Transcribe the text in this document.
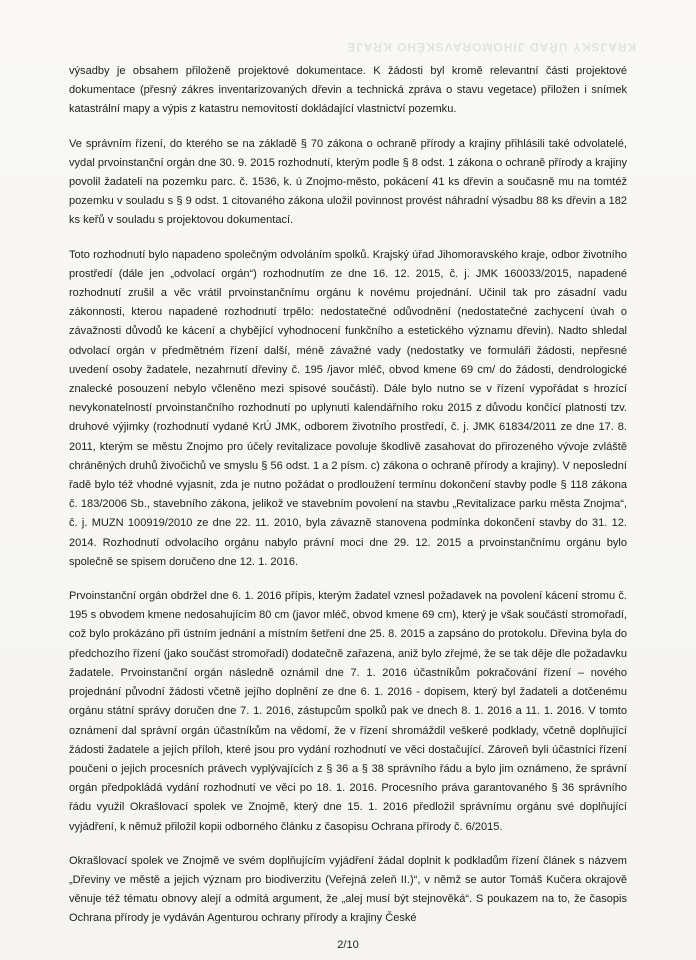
KRAJSKÝ ÚŘAD JIHOMORAVSKÉHO KRAJE

výsadby je obsahem přiloženě projektové dokumentace. K žádosti byl kromě relevantní části projektové dokumentace (přesný zákres inventarizovaných dřevin a technická zpráva o stavu vegetace) přiložen i snímek katastrální mapy a výpis z katastru nemovitostí dokládající vlastnictví pozemku.

Ve správním řízení, do kterého se na základě § 70 zákona o ochraně přírody a krajiny přihlásili také odvolatelé, vydal prvoinstanční orgán dne 30. 9. 2015 rozhodnutí, kterým podle § 8 odst. 1 zákona o ochraně přírody a krajiny povolil žadateli na pozemku parc. č. 1536, k. ú Znojmo-město, pokácení 41 ks dřevin a současně mu na tomtéž pozemku v souladu s § 9 odst. 1 citovaného zákona uložil povinnost provést náhradní výsadbu 88 ks dřevin a 182 ks keřů v souladu s projektovou dokumentací.

Toto rozhodnutí bylo napadeno společným odvoláním spolků. Krajský úřad Jihomoravského kraje, odbor životního prostředí (dále jen „odvolací orgán“) rozhodnutím ze dne 16. 12. 2015, č. j. JMK 160033/2015, napadené rozhodnutí zrušil a věc vrátil prvoinstančnímu orgánu k novému projednání. Učinil tak pro zásadní vadu zákonnosti, kterou napadené rozhodnutí trpělo: nedostatečné odůvodnění (nedostatečné zachycení úvah o závažnosti důvodů ke kácení a chybějící vyhodnocení funkčního a estetického významu dřevin). Nadto shledal odvolací orgán v předmětném řízení další, méně závažné vady (nedostatky ve formuláři žádosti, nepřesné uvedení osoby žadatele, nezahrnutí dřeviny č. 195 /javor mléč, obvod kmene 69 cm/ do žádosti, dendrologické znalecké posouzení nebylo včleněno mezi spisové součásti). Dále bylo nutno se v řízení vypořádat s hrozící nevykonatelností prvoinstančního rozhodnutí po uplynutí kalendářního roku 2015 z důvodu končící platnosti tzv. druhové výjimky (rozhodnutí vydané KrÚ JMK, odborem životního prostředí, č. j. JMK 61834/2011 ze dne 17. 8. 2011, kterým se městu Znojmo pro účely revitalizace povoluje škodlivě zasahovat do přirozeného vývoje zvláště chráněných druhů živočichů ve smyslu § 56 odst. 1 a 2 písm. c) zákona o ochraně přírody a krajiny). V neposlední řadě bylo též vhodné vyjasnit, zda je nutno požádat o prodloužení termínu dokončení stavby podle § 118 zákona č. 183/2006 Sb., stavebního zákona, jelikož ve stavebním povolení na stavbu „Revitalizace parku města Znojma“, č. j. MUZN 100919/2010 ze dne 22. 11. 2010, byla závazně stanovena podmínka dokončení stavby do 31. 12. 2014. Rozhodnutí odvolacího orgánu nabylo právní moci dne 29. 12. 2015 a prvoinstančnímu orgánu bylo společně se spisem doručeno dne 12. 1. 2016.

Prvoinstanční orgán obdržel dne 6. 1. 2016 přípis, kterým žadatel vznesl požadavek na povolení kácení stromu č. 195 s obvodem kmene nedosahujícím 80 cm (javor mléč, obvod kmene 69 cm), který je však součástí stromořadí, což bylo prokázáno při ústním jednání a místním šetření dne 25. 8. 2015 a zapsáno do protokolu. Dřevina byla do předchozího řízení (jako součást stromořadí) dodatečně zařazena, aniž bylo zřejmé, že se tak děje dle požadavku žadatele. Prvoinstanční orgán následně oznámil dne 7. 1. 2016 účastníkům pokračování řízení – nového projednání původní žádosti včetně jejího doplnění ze dne 6. 1. 2016 - dopisem, který byl žadateli a dotčenému orgánu státní správy doručen dne 7. 1. 2016, zástupcům spolků pak ve dnech 8. 1. 2016 a 11. 1. 2016. V tomto oznámení dal správní orgán účastníkům na vědomí, že v řízení shromáždil veškeré podklady, včetně doplňující žádosti žadatele a jejích příloh, které jsou pro vydání rozhodnutí ve věci dostačující. Zároveň byli účastníci řízení poučeni o jejich procesních právech vyplývajících z § 36 a § 38 správního řádu a bylo jim oznámeno, že správní orgán předpokládá vydání rozhodnutí ve věci po 18. 1. 2016. Procesního práva garantovaného § 36 správního řádu využil Okrašlovací spolek ve Znojmě, který dne 15. 1. 2016 předložil správnímu orgánu své doplňující vyjádření, k němuž přiložil kopii odborného článku z časopisu Ochrana přírody č. 6/2015.

Okrašlovací spolek ve Znojmě ve svém doplňujícím vyjádření žádal doplnit k podkladům řízení článek s názvem „Dřeviny ve městě a jejich význam pro biodiverzitu (Veřejná zeleň II.)“, v němž se autor Tomáš Kučera okrajově věnuje též tématu obnovy alejí a odmítá argument, že „alej musí být stejnověká“. S poukazem na to, že časopis Ochrana přírody je vydáván Agenturou ochrany přírody a krajiny České

2/10
